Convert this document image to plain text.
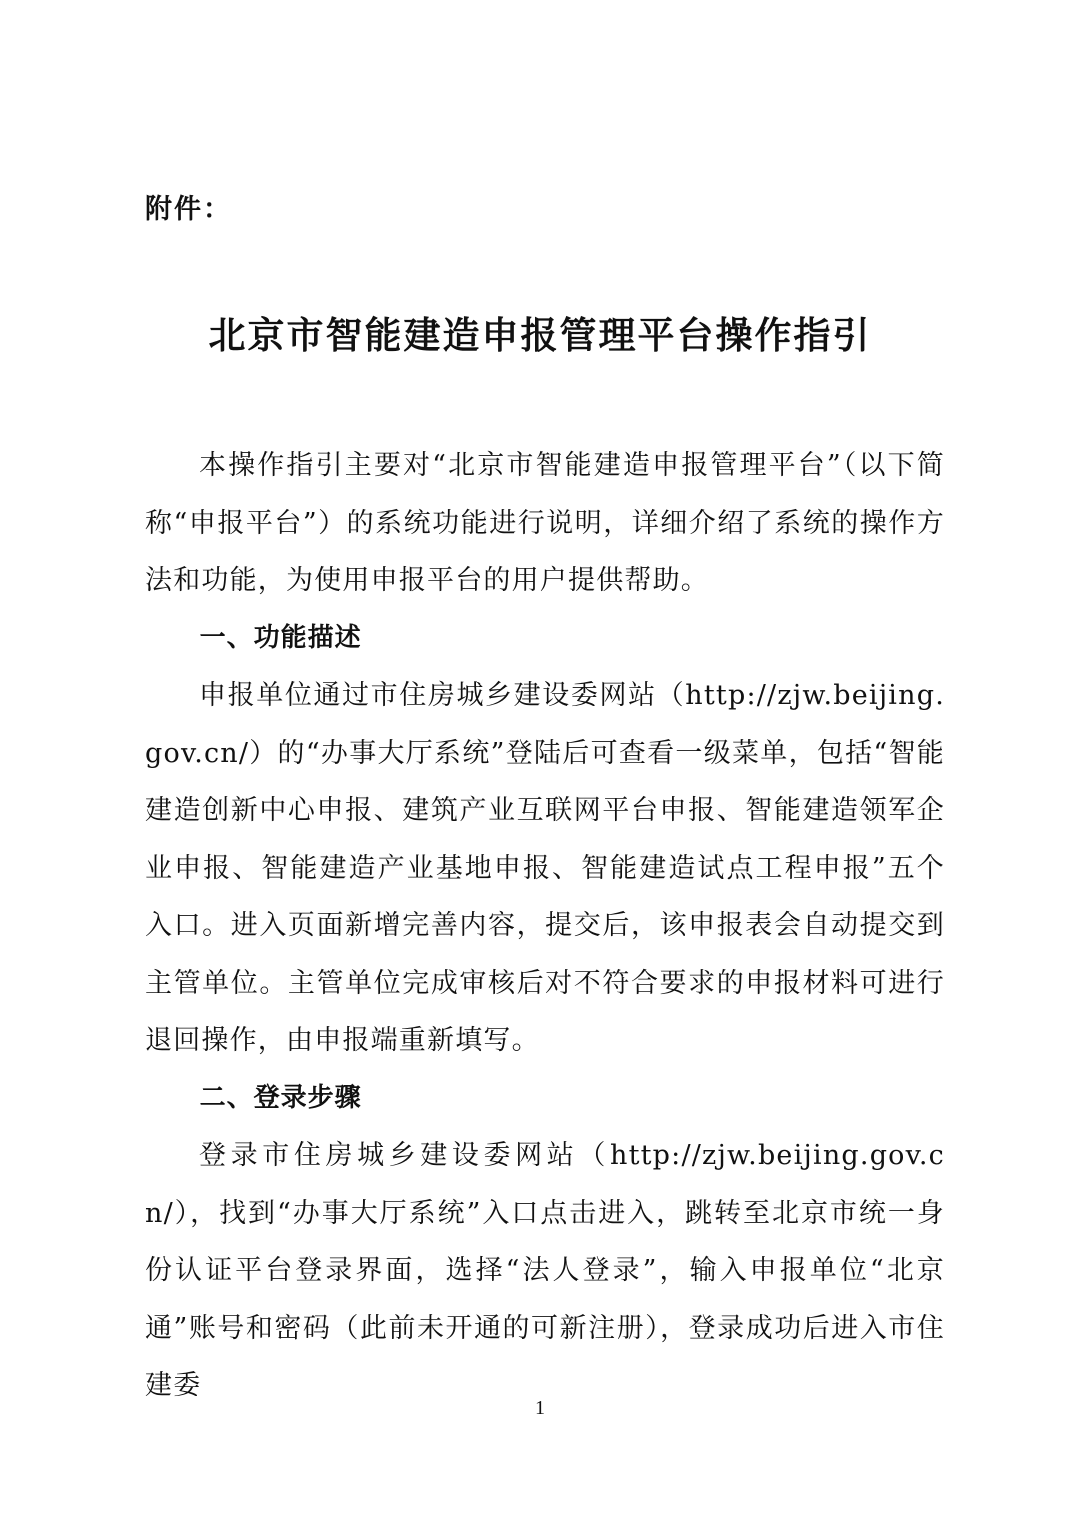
附件：
北京市智能建造申报管理平台操作指引

本操作指引主要对“北京市智能建造申报管理平台”（以下简称“申报平台”）的系统功能进行说明，详细介绍了系统的操作方法和功能，为使用申报平台的用户提供帮助。

一、功能描述

申报单位通过市住房城乡建设委网站（http://zjw.beijing.gov.cn/）的“办事大厅系统”登陆后可查看一级菜单，包括“智能建造创新中心申报、建筑产业互联网平台申报、智能建造领军企业申报、智能建造产业基地申报、智能建造试点工程申报”五个入口。进入页面新增完善内容，提交后，该申报表会自动提交到主管单位。主管单位完成审核后对不符合要求的申报材料可进行退回操作，由申报端重新填写。

二、登录步骤

登录市住房城乡建设委网站（http://zjw.beijing.gov.cn/），找到“办事大厅系统”入口点击进入，跳转至北京市统一身份认证平台登录界面，选择“法人登录”，输入申报单位“北京通”账号和密码（此前未开通的可新注册），登录成功后进入市住建委

1
